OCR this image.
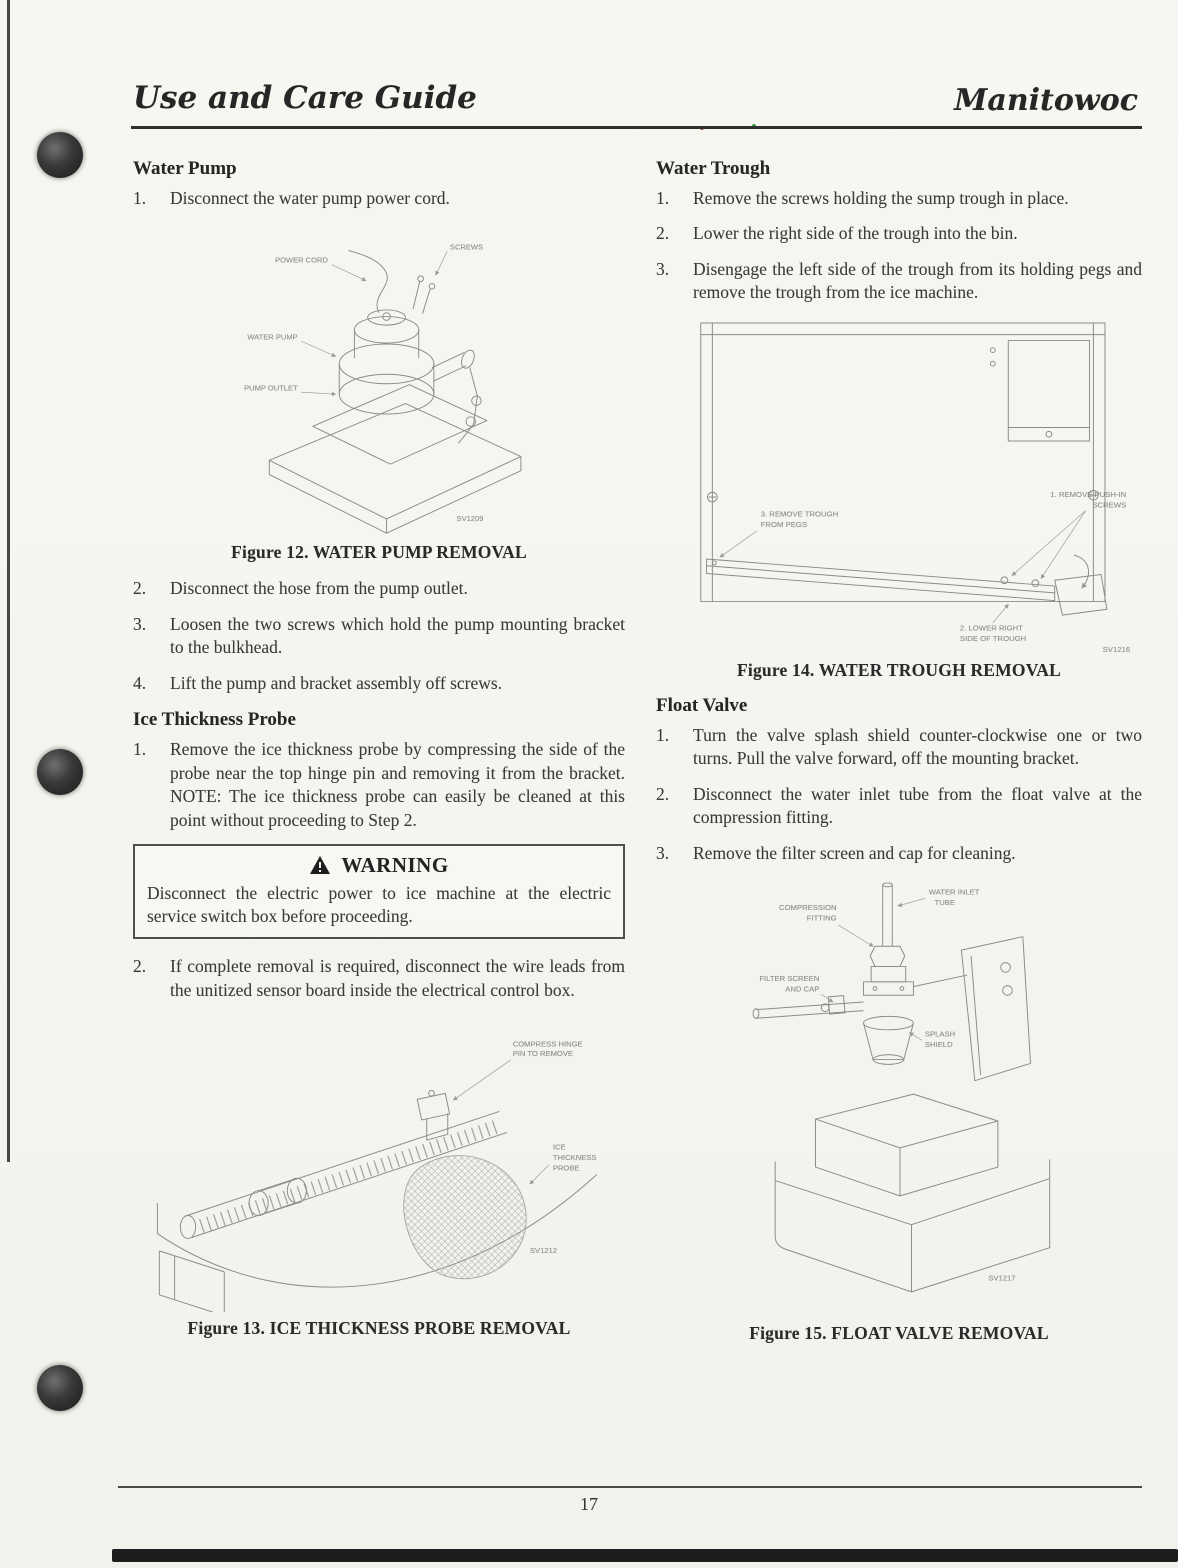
Use and Care Guide	Manitowoc
Water Pump
1.	Disconnect the water pump power cord.
SCREWS
POWER CORD
WATER PUMP
PUMP OUTLET
SV1209
Figure 12. WATER PUMP REMOVAL
2.	Disconnect the hose from the pump outlet.
3.	Loosen the two screws which hold the pump mounting bracket to the bulkhead.
4.	Lift the pump and bracket assembly off screws.
Ice Thickness Probe
1.	Remove the ice thickness probe by compressing the side of the probe near the top hinge pin and removing it from the bracket. NOTE: The ice thickness probe can easily be cleaned at this point without proceeding to Step 2.
WARNING
Disconnect the electric power to ice machine at the electric service switch box before proceeding.
2.	If complete removal is required, disconnect the wire leads from the unitized sensor board inside the electrical control box.
COMPRESS HINGE
PIN TO REMOVE
ICE
THICKNESS
PROBE
SV1212
Figure 13. ICE THICKNESS PROBE REMOVAL
Water Trough
1.	Remove the screws holding the sump trough in place.
2.	Lower the right side of the trough into the bin.
3.	Disengage the left side of the trough from its holding pegs and remove the trough from the ice machine.
3. REMOVE TROUGH
FROM PEGS
1. REMOVE PUSH-IN
SCREWS
2. LOWER RIGHT
SIDE OF TROUGH
SV1216
Figure 14. WATER TROUGH REMOVAL
Float Valve
1.	Turn the valve splash shield counter-clockwise one or two turns. Pull the valve forward, off the mounting bracket.
2.	Disconnect the water inlet tube from the float valve at the compression fitting.
3.	Remove the filter screen and cap for cleaning.
WATER INLET
TUBE
COMPRESSION
FITTING
FILTER SCREEN
AND CAP
SPLASH
SHIELD
SV1217
Figure 15. FLOAT VALVE REMOVAL
17
